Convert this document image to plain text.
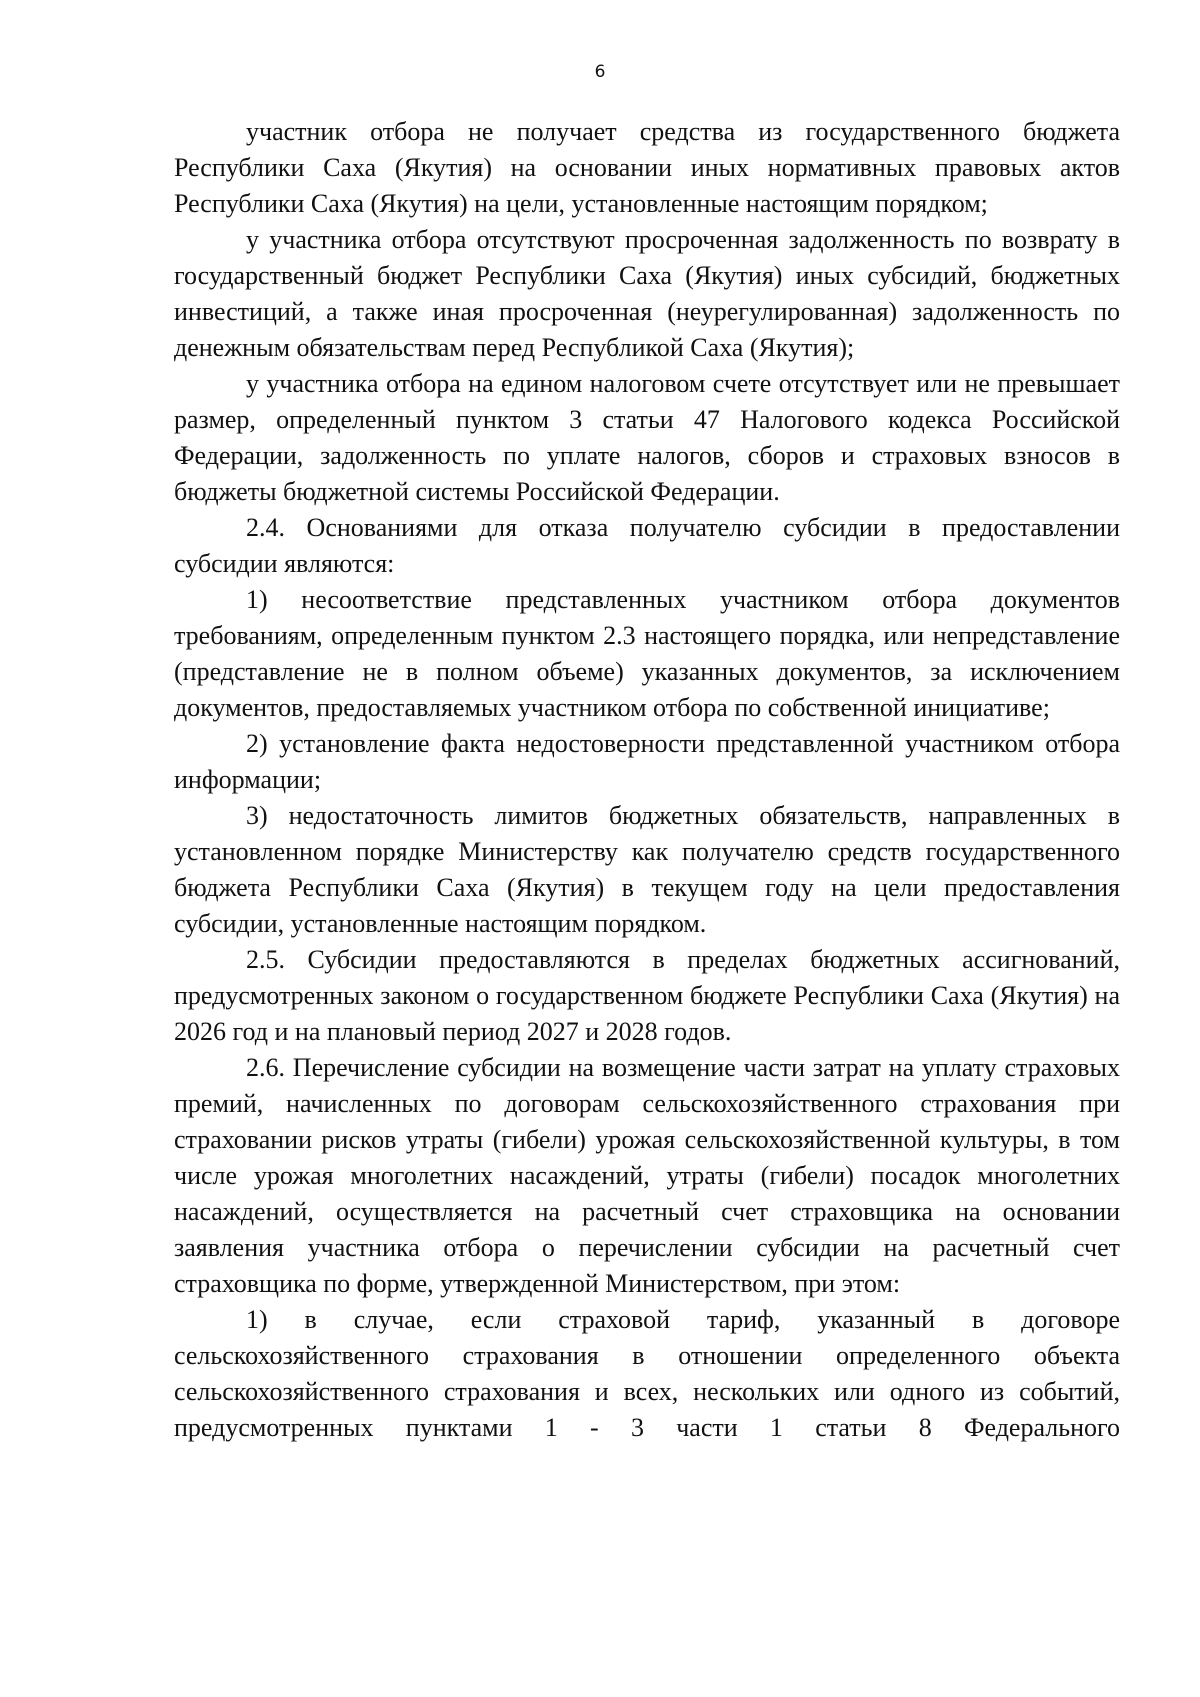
6

участник отбора не получает средства из государственного бюджета Республики Саха (Якутия) на основании иных нормативных правовых актов Республики Саха (Якутия) на цели, установленные настоящим порядком;

у участника отбора отсутствуют просроченная задолженность по возврату в государственный бюджет Республики Саха (Якутия) иных субсидий, бюджетных инвестиций, а также иная просроченная (неурегулированная) задолженность по денежным обязательствам перед Республикой Саха (Якутия);

у участника отбора на едином налоговом счете отсутствует или не превышает размер, определенный пунктом 3 статьи 47 Налогового кодекса Российской Федерации, задолженность по уплате налогов, сборов и страховых взносов в бюджеты бюджетной системы Российской Федерации.

2.4. Основаниями для отказа получателю субсидии в предоставлении субсидии являются:

1) несоответствие представленных участником отбора документов требованиям, определенным пунктом 2.3 настоящего порядка, или непредставление (представление не в полном объеме) указанных документов, за исключением документов, предоставляемых участником отбора по собственной инициативе;

2) установление факта недостоверности представленной участником отбора информации;

3) недостаточность лимитов бюджетных обязательств, направленных в установленном порядке Министерству как получателю средств государственного бюджета Республики Саха (Якутия) в текущем году на цели предоставления субсидии, установленные настоящим порядком.

2.5. Субсидии предоставляются в пределах бюджетных ассигнований, предусмотренных законом о государственном бюджете Республики Саха (Якутия) на 2026 год и на плановый период 2027 и 2028 годов.

2.6. Перечисление субсидии на возмещение части затрат на уплату страховых премий, начисленных по договорам сельскохозяйственного страхования при страховании рисков утраты (гибели) урожая сельскохозяйственной культуры, в том числе урожая многолетних насаждений, утраты (гибели) посадок многолетних насаждений, осуществляется на расчетный счет страховщика на основании заявления участника отбора о перечислении субсидии на расчетный счет страховщика по форме, утвержденной Министерством, при этом:

1) в случае, если страховой тариф, указанный в договоре сельскохозяйственного страхования в отношении определенного объекта сельскохозяйственного страхования и всех, нескольких или одного из событий, предусмотренных пунктами 1 - 3 части 1 статьи 8 Федерального
